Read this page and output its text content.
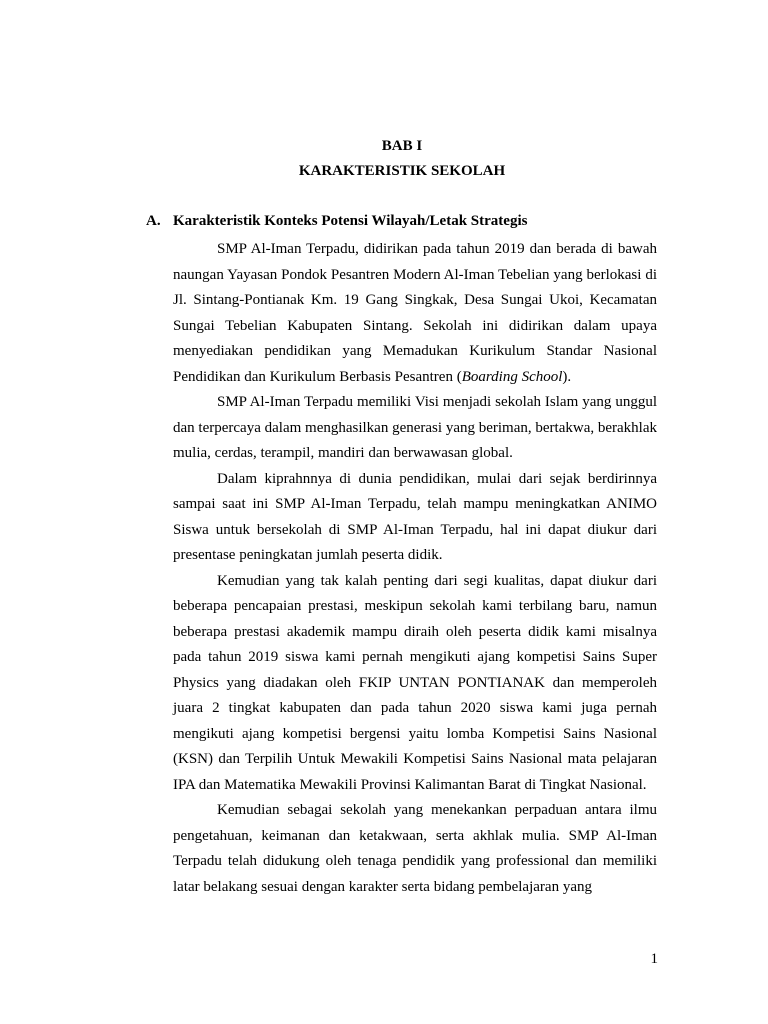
BAB I
KARAKTERISTIK SEKOLAH
A. Karakteristik Konteks Potensi Wilayah/Letak Strategis

SMP Al-Iman Terpadu, didirikan pada tahun 2019 dan berada di bawah naungan Yayasan Pondok Pesantren Modern Al-Iman Tebelian yang berlokasi di Jl. Sintang-Pontianak Km. 19 Gang Singkak, Desa Sungai Ukoi, Kecamatan Sungai Tebelian Kabupaten Sintang. Sekolah ini didirikan dalam upaya menyediakan pendidikan yang Memadukan Kurikulum Standar Nasional Pendidikan dan Kurikulum Berbasis Pesantren (Boarding School).

SMP Al-Iman Terpadu memiliki Visi menjadi sekolah Islam yang unggul dan terpercaya dalam menghasilkan generasi yang beriman, bertakwa, berakhlak mulia, cerdas, terampil, mandiri dan berwawasan global.

Dalam kiprahnnya di dunia pendidikan, mulai dari sejak berdirinnya sampai saat ini SMP Al-Iman Terpadu, telah mampu meningkatkan ANIMO Siswa untuk bersekolah di SMP Al-Iman Terpadu, hal ini dapat diukur dari presentase peningkatan jumlah peserta didik.

Kemudian yang tak kalah penting dari segi kualitas, dapat diukur dari beberapa pencapaian prestasi, meskipun sekolah kami terbilang baru, namun beberapa prestasi akademik mampu diraih oleh peserta didik kami misalnya pada tahun 2019 siswa kami pernah mengikuti ajang kompetisi Sains Super Physics yang diadakan oleh FKIP UNTAN PONTIANAK dan memperoleh juara 2 tingkat kabupaten dan pada tahun 2020 siswa kami juga pernah mengikuti ajang kompetisi bergensi yaitu lomba Kompetisi Sains Nasional (KSN) dan Terpilih Untuk Mewakili Kompetisi Sains Nasional mata pelajaran IPA dan Matematika Mewakili Provinsi Kalimantan Barat di Tingkat Nasional.

Kemudian sebagai sekolah yang menekankan perpaduan antara ilmu pengetahuan, keimanan dan ketakwaan, serta akhlak mulia. SMP Al-Iman Terpadu telah didukung oleh tenaga pendidik yang professional dan memiliki latar belakang sesuai dengan karakter serta bidang pembelajaran yang

1
